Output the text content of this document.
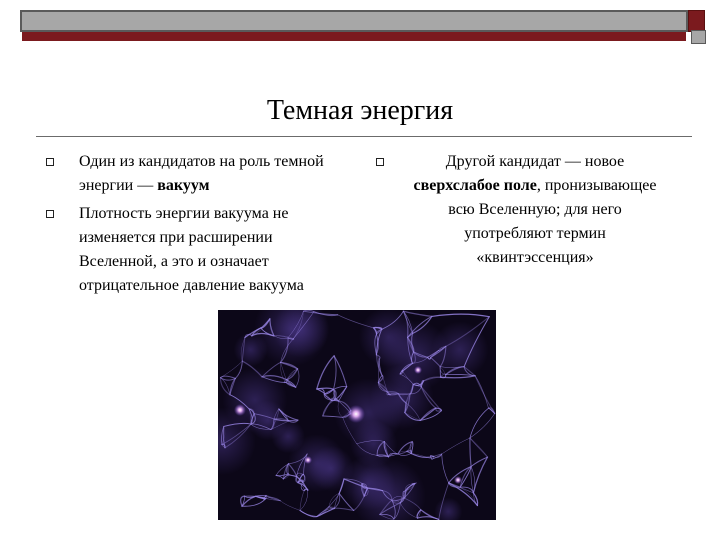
Темная энергия
Один из кандидатов на роль темной энергии — вакуум
Плотность энергии вакуума не изменяется при расширении Вселенной, а это и означает отрицательное давление вакуума
Другой кандидат — новое сверхслабое поле, пронизывающее всю Вселенную; для него употребляют термин «квинтэссенция»
